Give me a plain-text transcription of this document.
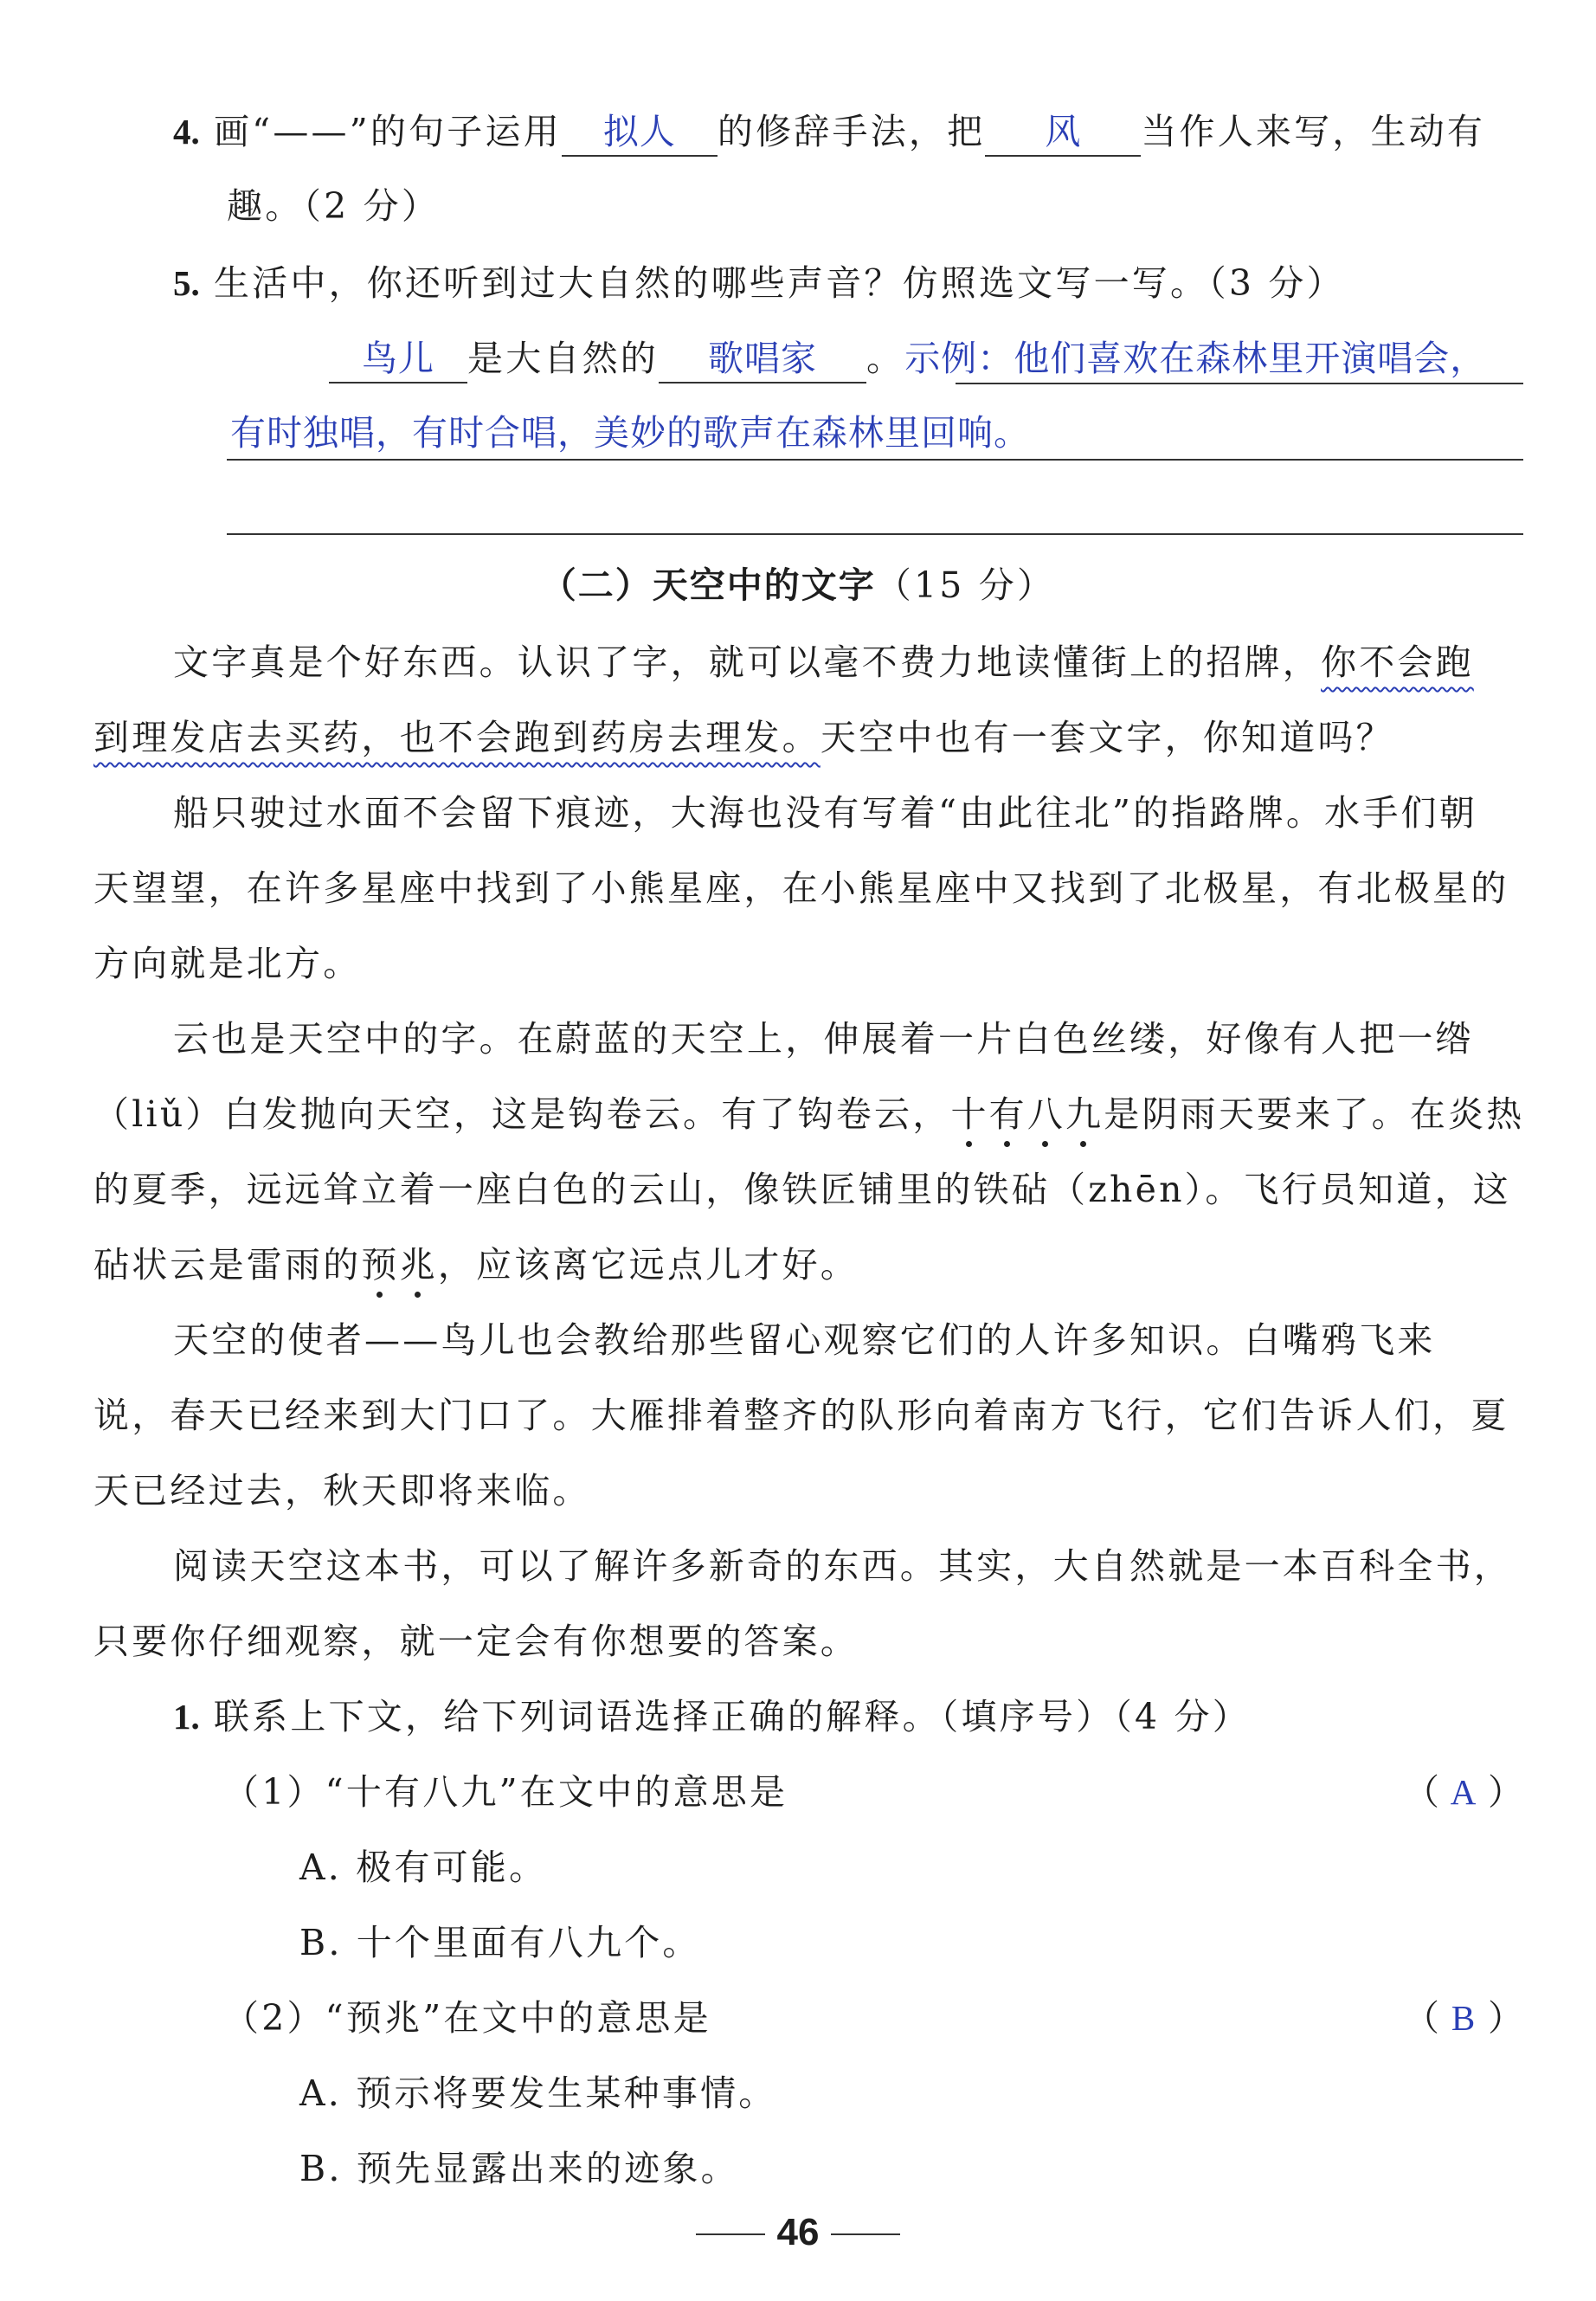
4. 画“——”的句子运用 拟人 的修辞手法，把 风 当作人来写，生动有
趣。（2 分）
5. 生活中，你还听到过大自然的哪些声音？仿照选文写一写。（3 分）
鸟儿 是大自然的 歌唱家 。示例：他们喜欢在森林里开演唱会，
有时独唱，有时合唱，美妙的歌声在森林里回响。
（二）天空中的文字（15 分）
文字真是个好东西。认识了字，就可以毫不费力地读懂街上的招牌，你不会跑
到理发店去买药，也不会跑到药房去理发。天空中也有一套文字，你知道吗？
船只驶过水面不会留下痕迹，大海也没有写着“由此往北”的指路牌。水手们朝
天望望，在许多星座中找到了小熊星座，在小熊星座中又找到了北极星，有北极星的
方向就是北方。
云也是天空中的字。在蔚蓝的天空上，伸展着一片白色丝缕，好像有人把一绺
（liǔ）白发抛向天空，这是钩卷云。有了钩卷云，十有八九
是阴雨天要来了。在炎热
的夏季，远远耸立着一座白色的云山，像铁匠铺里的铁砧（zhēn）。飞行员知道，这
砧状云是雷雨的预兆
，应该离它远点儿才好。
天空的使者——鸟儿也会教给那些留心观察它们的人许多知识。白嘴鸦飞来
说，春天已经来到大门口了。大雁排着整齐的队形向着南方飞行，它们告诉人们，夏
天已经过去，秋天即将来临。
阅读天空这本书，可以了解许多新奇的东西。其实，大自然就是一本百科全书，
只要你仔细观察，就一定会有你想要的答案。
1. 联系上下文，给下列词语选择正确的解释。（填序号）（4 分）
（1）“十有八九”在文中的意思是	（ A ）
A. 极有可能。
B. 十个里面有八九个。
（2）“预兆”在文中的意思是	（ B ）
A. 预示将要发生某种事情。
B. 预先显露出来的迹象。
46
